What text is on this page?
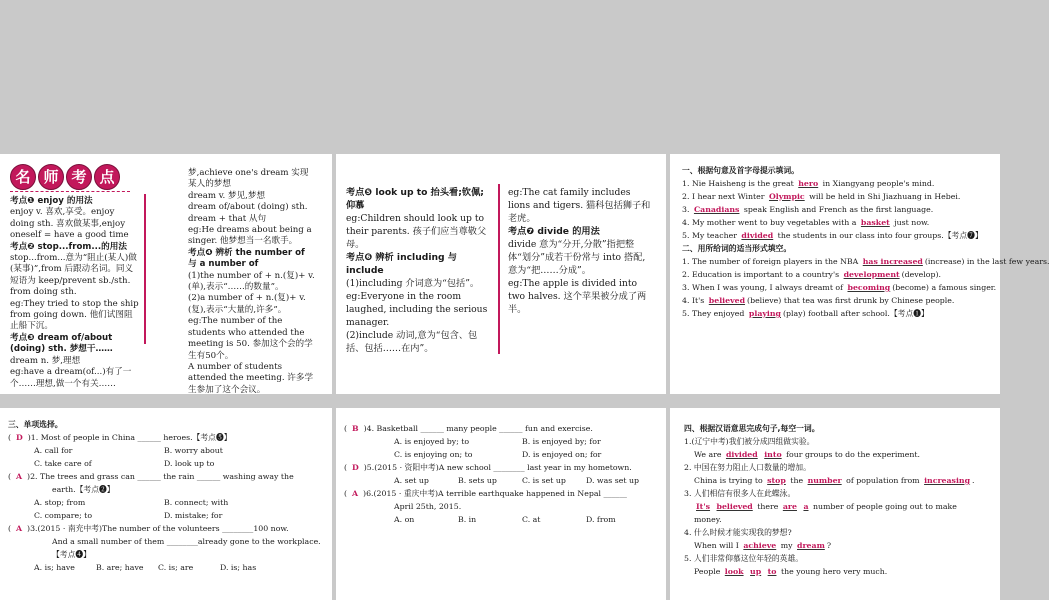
名 师 考 点

考点❶ enjoy 的用法

enjoy v. 喜欢,享受。enjoy doing sth. 喜欢做某事,enjoy oneself = have a good time

考点❷ stop...from...的用法

stop...from...意为“阻止(某人)做(某事)”,from 后跟动名词。同义短语为 keep/prevent sb./sth. from doing sth.

eg:They tried to stop the ship from going down. 他们试图阻止船下沉。

考点❸ dream of/about (doing) sth. 梦想干……

dream n. 梦,理想

eg:have a dream(of...)有了一个……理想,做一个有关……

梦,achieve one's dream 实现某人的梦想

dream v. 梦见,梦想

dream of/about (doing) sth.

dream + that 从句

eg:He dreams about being a singer. 他梦想当一名歌手。

考点❹ 辨析 the number of 与 a number of

(1)the number of + n.(复)+ v.(单),表示“……的数量”。

(2)a number of + n.(复)+ v.(复),表示“大量的,许多”。

eg:The number of the students who attended the meeting is 50. 参加这个会的学生有50个。

A number of students attended the meeting. 许多学生参加了这个会议。

考点❺ look up to 抬头看;钦佩;仰慕

eg:Children should look up to their parents. 孩子们应当尊敬父母。

考点❻ 辨析 including 与 include

(1)including 介词意为“包括”。eg:Everyone in the room laughed, including the serious manager.

(2)include 动词,意为“包含、包括、包括……在内”。

eg:The cat family includes lions and tigers. 猫科包括狮子和老虎。

考点❼ divide 的用法

divide 意为“分开,分散”指把整体“划分”成若干份常与 into 搭配,意为“把……分成”。

eg:The apple is divided into two halves. 这个苹果被分成了两半。

一、根据句意及首字母提示填词。

1. Nie Haisheng is the great hero in Xiangyang people's mind.

2. I hear next Winter Olympic will be held in Shi Jiazhuang in Hebei.

3. Canadians speak English and French as the first language.

4. My mother went to buy vegetables with a basket just now.

5. My teacher divided the students in our class into four groups.【考点❼】

二、用所给词的适当形式填空。

1. The number of foreign players in the NBA has increased (increase) in the last few years.

2. Education is important to a country's development (develop).

3. When I was young, I always dreamt of becoming (become) a famous singer.

4. It's believed (believe) that tea was first drunk by Chinese people.

5. They enjoyed playing (play) football after school.【考点❶】

三、单项选择。

(  D )1. Most of people in China ______ heroes.【考点❺】

A. call for	B. worry about
C. take care of	D. look up to

(  A )2. The trees and grass can ______ the rain ______ washing away the

earth.【考点❷】

A. stop; from	B. connect; with
C. compare; to	D. mistake; for

(  A )3.(2015 · 南充中考)The number of the volunteers ________100 now.

And a small number of them ________already gone to the workplace.

【考点❹】

A. is; have	B. are; have	C. is; are	D. is; has

(  B )4. Basketball ______ many people ______ fun and exercise.

A. is enjoyed by; to	B. is enjoyed by; for
C. is enjoying on; to	D. is enjoyed on; for

(  D )5.(2015 · 资阳中考)A new school ________ last year in my hometown.

A. set up	B. sets up	C. is set up	D. was set up

(  A )6.(2015 · 重庆中考)A terrible earthquake happened in Nepal ______

April 25th, 2015.

A. on	B. in	C. at	D. from

四、根据汉语意思完成句子,每空一词。

1.(辽宁中考)我们被分成四组做实验。

We are divided into four groups to do the experiment.

2. 中国在努力阻止人口数量的增加。

China is trying to stop the number of population from increasing .

3. 人们相信有很多人在此蝶泳。

It's believed there are a number of people going out to make

money.

4. 什么时候才能实现我的梦想?

When will I achieve my dream ?

5. 人们非常仰慕这位年轻的英雄。

People look up to the young hero very much.
